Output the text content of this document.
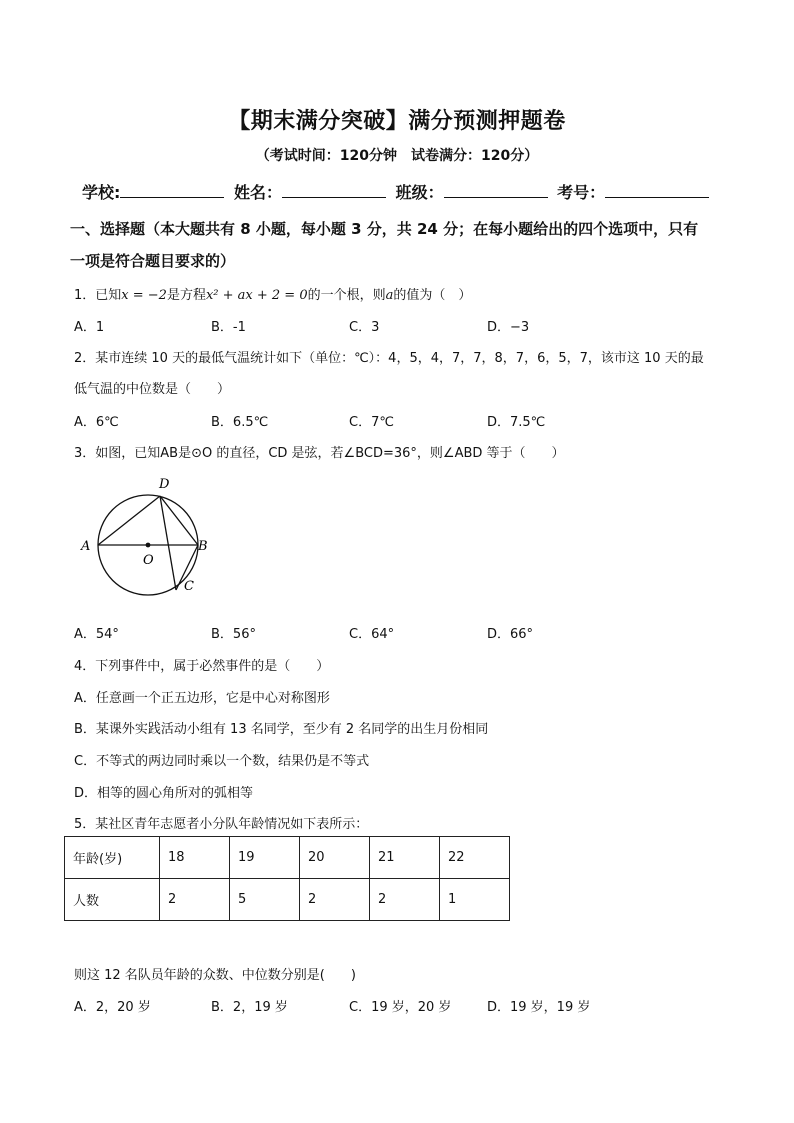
【期末满分突破】满分预测押题卷
（考试时间：120分钟　试卷满分：120分）
学校:	姓名：	班级：	考号：
一、选择题（本大题共有 8 小题，每小题 3 分，共 24 分；在每小题给出的四个选项中，只有
一项是符合题目要求的）
1．已知x = −2是方程x² + ax + 2 = 0的一个根，则a的值为（　）
A．1	B．-1	C．3	D．−3
2．某市连续 10 天的最低气温统计如下（单位：℃）：4，5，4，7，7，8，7，6，5，7，该市这 10 天的最
低气温的中位数是（　　）
A．6℃	B．6.5℃	C．7℃	D．7.5℃
3．如图，已知AB是⊙O 的直径，CD 是弦，若∠BCD=36°，则∠ABD 等于（　　）
A	B
C
D
O
A．54°	B．56°	C．64°	D．66°
4．下列事件中，属于必然事件的是（　　）
A．任意画一个正五边形，它是中心对称图形
B．某课外实践活动小组有 13 名同学，至少有 2 名同学的出生月份相同
C．不等式的两边同时乘以一个数，结果仍是不等式
D．相等的圆心角所对的弧相等
5．某社区青年志愿者小分队年龄情况如下表所示：
年龄(岁)	18	19	20	21	22
人数	2	5	2	2	1
则这 12 名队员年龄的众数、中位数分别是(　　)
A．2，20 岁	B．2，19 岁	C．19 岁，20 岁	D．19 岁，19 岁
